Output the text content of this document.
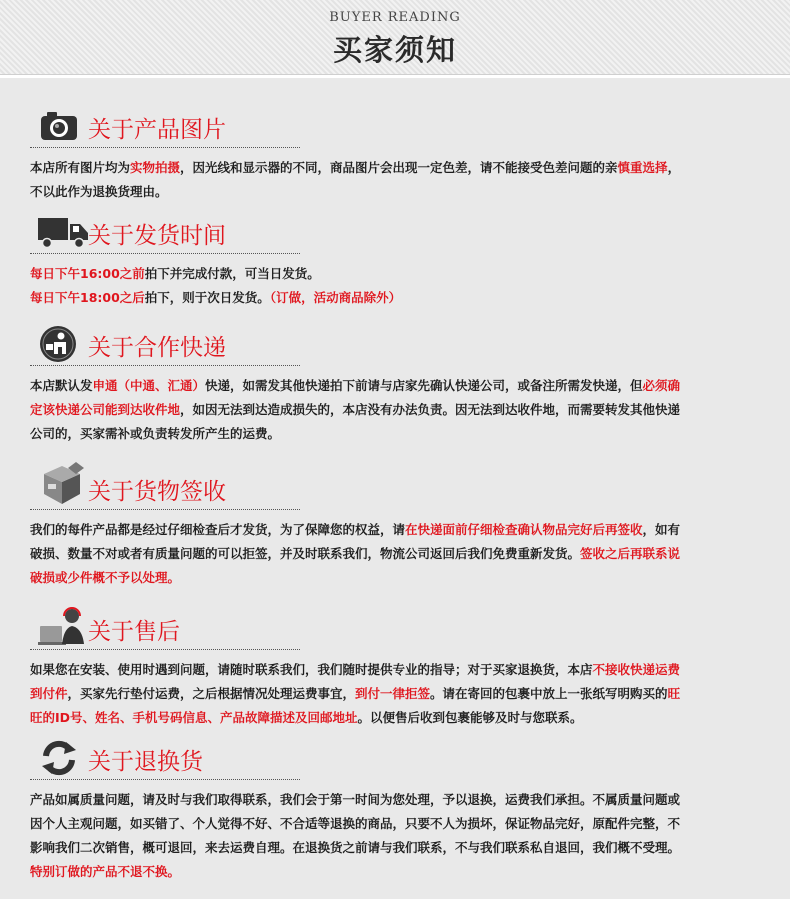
BUYER READING
买家须知
关于产品图片
本店所有图片均为实物拍摄，因光线和显示器的不同，商品图片会出现一定色差，请不能接受色差问题的亲慎重选择，
不以此作为退换货理由。
关于发货时间
每日下午16:00之前拍下并完成付款，可当日发货。
每日下午18:00之后拍下，则于次日发货。（订做，活动商品除外）
关于合作快递
本店默认发申通（中通、汇通）快递，如需发其他快递拍下前请与店家先确认快递公司，或备注所需发快递，但必须确
定该快递公司能到达收件地，如因无法到达造成损失的，本店没有办法负责。因无法到达收件地，而需要转发其他快递
公司的，买家需补或负责转发所产生的运费。
关于货物签收
我们的每件产品都是经过仔细检查后才发货，为了保障您的权益，请在快递面前仔细检查确认物品完好后再签收，如有
破损、数量不对或者有质量问题的可以拒签，并及时联系我们，物流公司返回后我们免费重新发货。签收之后再联系说
破损或少件概不予以处理。
关于售后
如果您在安装、使用时遇到问题，请随时联系我们，我们随时提供专业的指导；对于买家退换货，本店不接收快递运费
到付件，买家先行垫付运费，之后根据情况处理运费事宜，到付一律拒签。请在寄回的包裹中放上一张纸写明购买的旺
旺的ID号、姓名、手机号码信息、产品故障描述及回邮地址。以便售后收到包裹能够及时与您联系。
关于退换货
产品如属质量问题，请及时与我们取得联系，我们会于第一时间为您处理，予以退换，运费我们承担。不属质量问题或
因个人主观问题，如买错了、个人觉得不好、不合适等退换的商品，只要不人为损坏，保证物品完好，原配件完整，不
影响我们二次销售，概可退回，来去运费自理。在退换货之前请与我们联系，不与我们联系私自退回，我们概不受理。
特别订做的产品不退不换。
